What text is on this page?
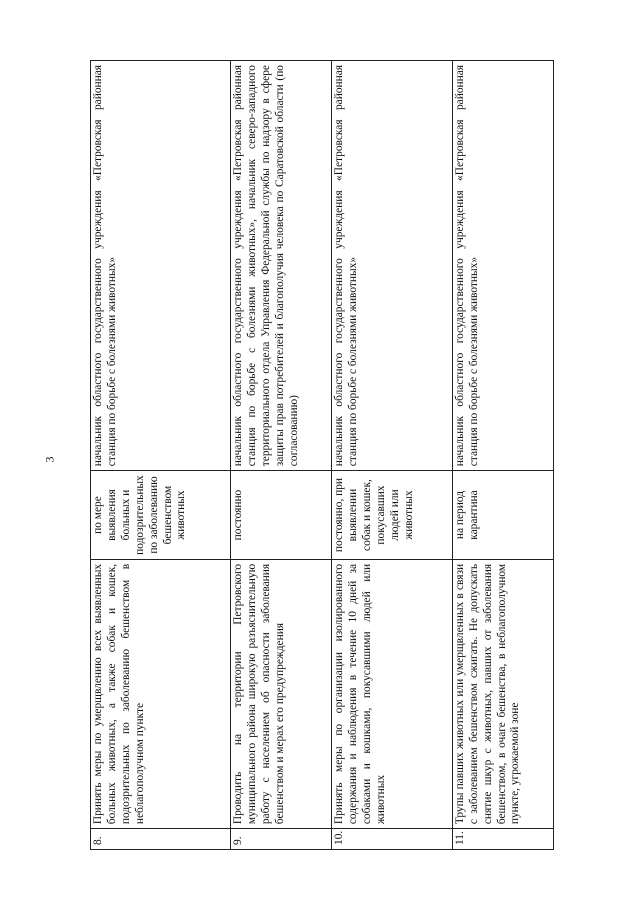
3
8.	Принять меры по умерщвлению всех выявленных больных животных, а также собак и кошек, подозрительных по заболеванию бешенством в неблагополучном пункте	по мере выявления больных и подозрительных по заболеванию бешенством животных	начальник областного государственного учреждения «Петровская районная станция по борьбе с болезнями животных»
9.	Проводить на территории Петровского муниципального района широкую разъяснительную работу с населением об опасности заболевания бешенством и мерах его предупреждения	постоянно	начальник областного государственного учреждения «Петровская районная станция по борьбе с болезнями животных», начальник северо-западного территориального отдела Управления Федеральной службы по надзору в сфере защиты прав потребителей и благополучия человека по Саратовской области (по согласованию)
10.	Принять меры по организации изолированного содержания и наблюдения в течение 10 дней за собаками и кошками, покусавшими людей или животных	постоянно, при выявлении собак и кошек, покусавших людей или животных	начальник областного государственного учреждения «Петровская районная станция по борьбе с болезнями животных»
11.	Трупы павших животных или умерщвленных в связи с заболеванием бешенством сжигать. Не допускать снятие шкур с животных, павших от заболевания бешенством, в очаге бешенства, в неблагополучном пункте, угрожаемой зоне	на период карантина	начальник областного государственного учреждения «Петровская районная станция по борьбе с болезнями животных»
